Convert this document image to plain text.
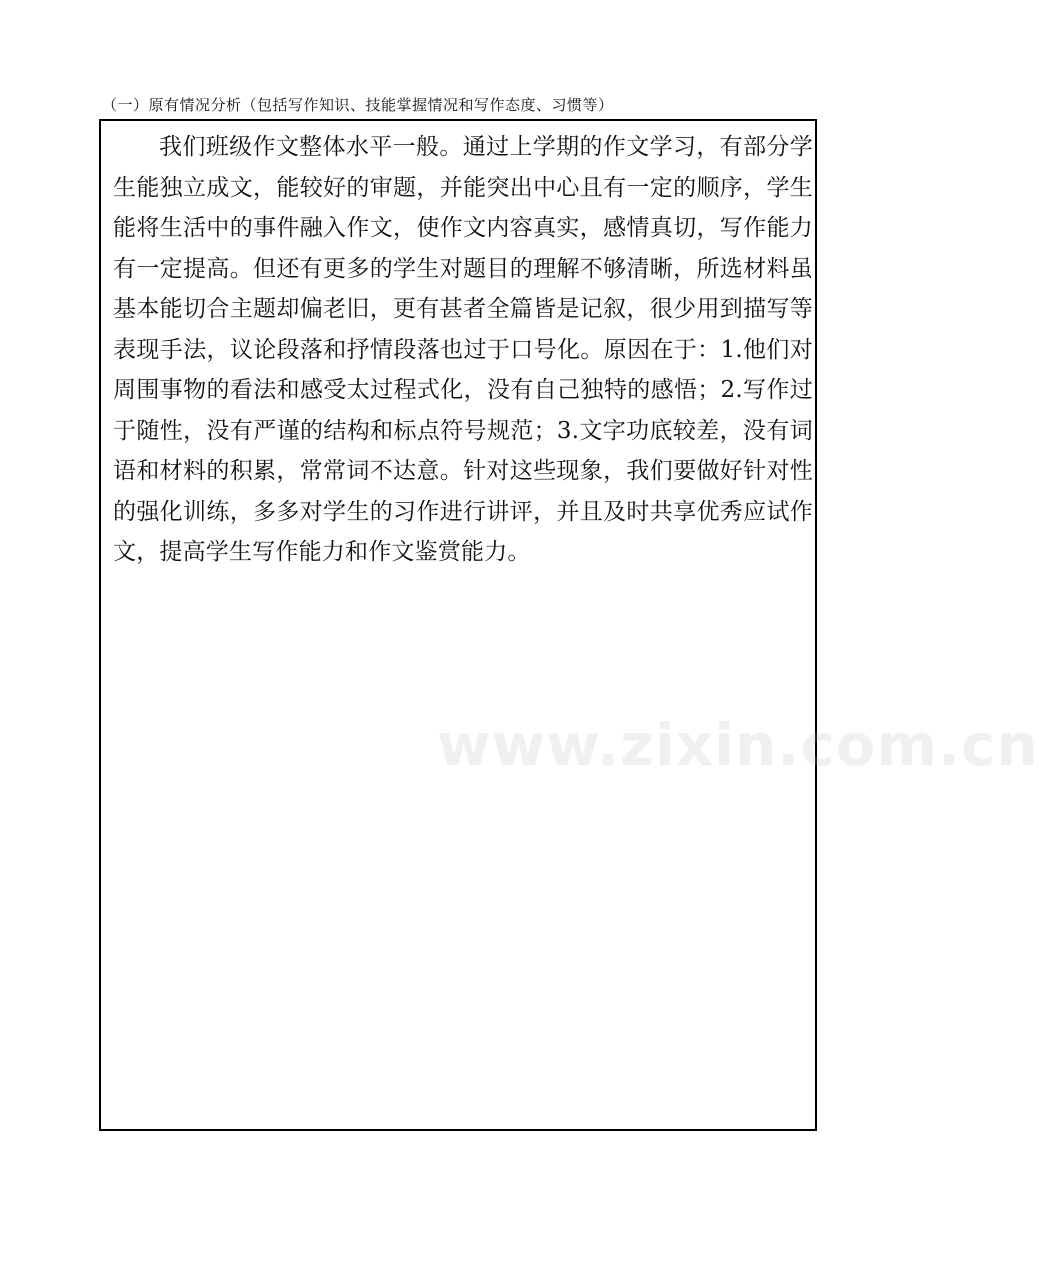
（一）原有情况分析（包括写作知识、技能掌握情况和写作态度、习惯等）

我们班级作文整体水平一般。通过上学期的作文学习，有部分学生能独立成文，能较好的审题，并能突出中心且有一定的顺序，学生能将生活中的事件融入作文，使作文内容真实，感情真切，写作能力有一定提高。但还有更多的学生对题目的理解不够清晰，所选材料虽基本能切合主题却偏老旧，更有甚者全篇皆是记叙，很少用到描写等表现手法，议论段落和抒情段落也过于口号化。原因在于：1.他们对周围事物的看法和感受太过程式化，没有自己独特的感悟；2.写作过于随性，没有严谨的结构和标点符号规范；3.文字功底较差，没有词语和材料的积累，常常词不达意。针对这些现象，我们要做好针对性的强化训练，多多对学生的习作进行讲评，并且及时共享优秀应试作文，提高学生写作能力和作文鉴赏能力。

www.zixin.com.cn
